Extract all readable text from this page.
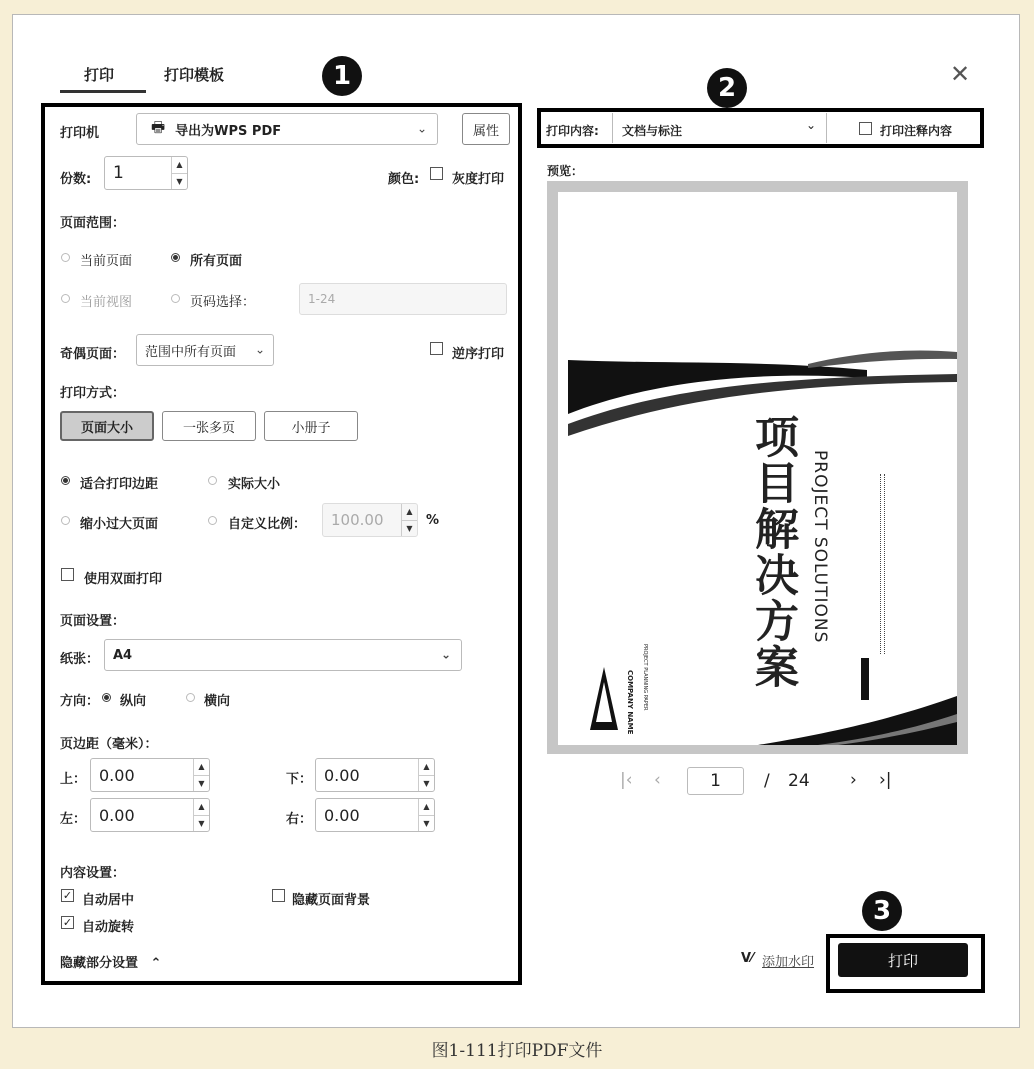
打印	打印模板	✕
1	2
3
打印机	🖶 导出为WPS PDF	⌄	属性
份数: 1	▲
▼	颜色:	灰度打印
页面范围：
当前页面	所有页面
当前视图	页码选择：	1-24
奇偶页面： 范围中所有页面 ⌄	逆序打印
打印方式：
页面大小	一张多页	小册子
适合打印边距	实际大小
缩小过大页面	自定义比例： 100.00	▲
▼
%
使用双面打印
页面设置：
纸张： A4	⌄
方向： 纵向	横向
页边距（毫米）：
上： 0.00	▲
▼	下： 0.00	▲
▼
左： 0.00	▲
▼	右： 0.00	▲
▼
内容设置：
✓ 自动居中	隐藏页面背景
✓ 自动旋转
隐藏部分设置 ⌃
打印内容: 文档与标注	⌄	打印注释内容
预览：
项目解决方案 PROJECT SOLUTIONS
COMPANY NAME PROJECT PLANNING PAPER
|‹ ‹	1	/ 24 › ›|
V⁄ 添加水印	打印
图1-111打印PDF文件
